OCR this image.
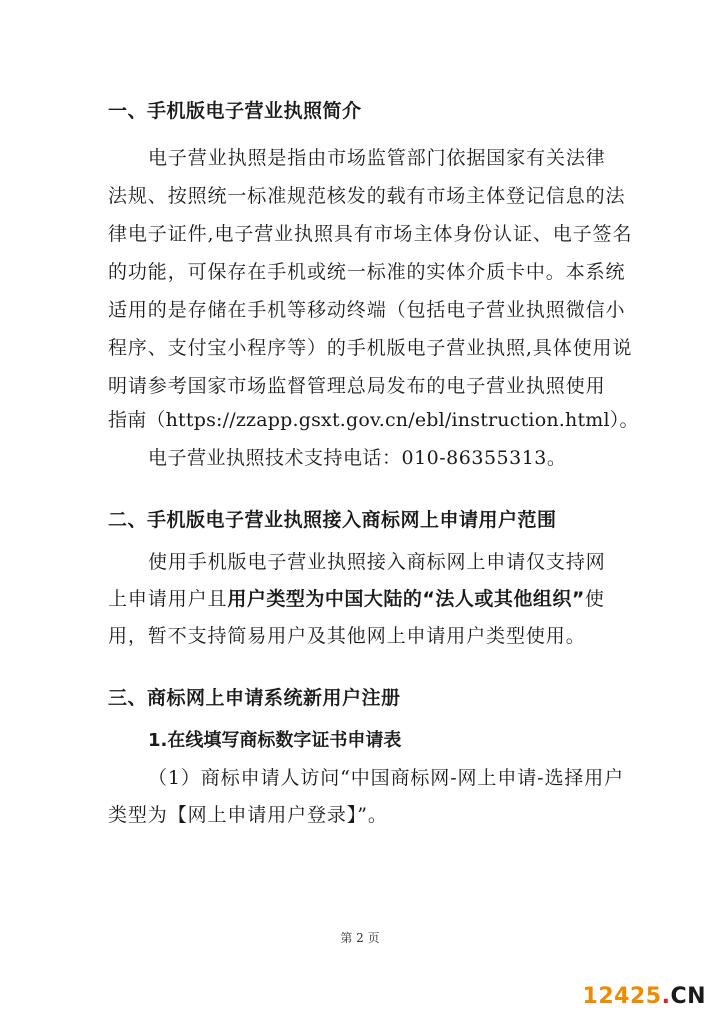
一、手机版电子营业执照简介
电子营业执照是指由市场监管部门依据国家有关法律
法规、按照统一标准规范核发的载有市场主体登记信息的法
律电子证件,电子营业执照具有市场主体身份认证、电子签名
的功能，可保存在手机或统一标准的实体介质卡中。本系统
适用的是存储在手机等移动终端（包括电子营业执照微信小
程序、支付宝小程序等）的手机版电子营业执照,具体使用说
明请参考国家市场监督管理总局发布的电子营业执照使用
指南（https://zzapp.gsxt.gov.cn/ebl/instruction.html）。
电子营业执照技术支持电话：010-86355313。
二、手机版电子营业执照接入商标网上申请用户范围
使用手机版电子营业执照接入商标网上申请仅支持网
上申请用户且用户类型为中国大陆的“法人或其他组织”使
用，暂不支持简易用户及其他网上申请用户类型使用。
三、商标网上申请系统新用户注册
1.在线填写商标数字证书申请表
（1）商标申请人访问“中国商标网-网上申请-选择用户
类型为【网上申请用户登录】”。
第 2 页
12425.CN
